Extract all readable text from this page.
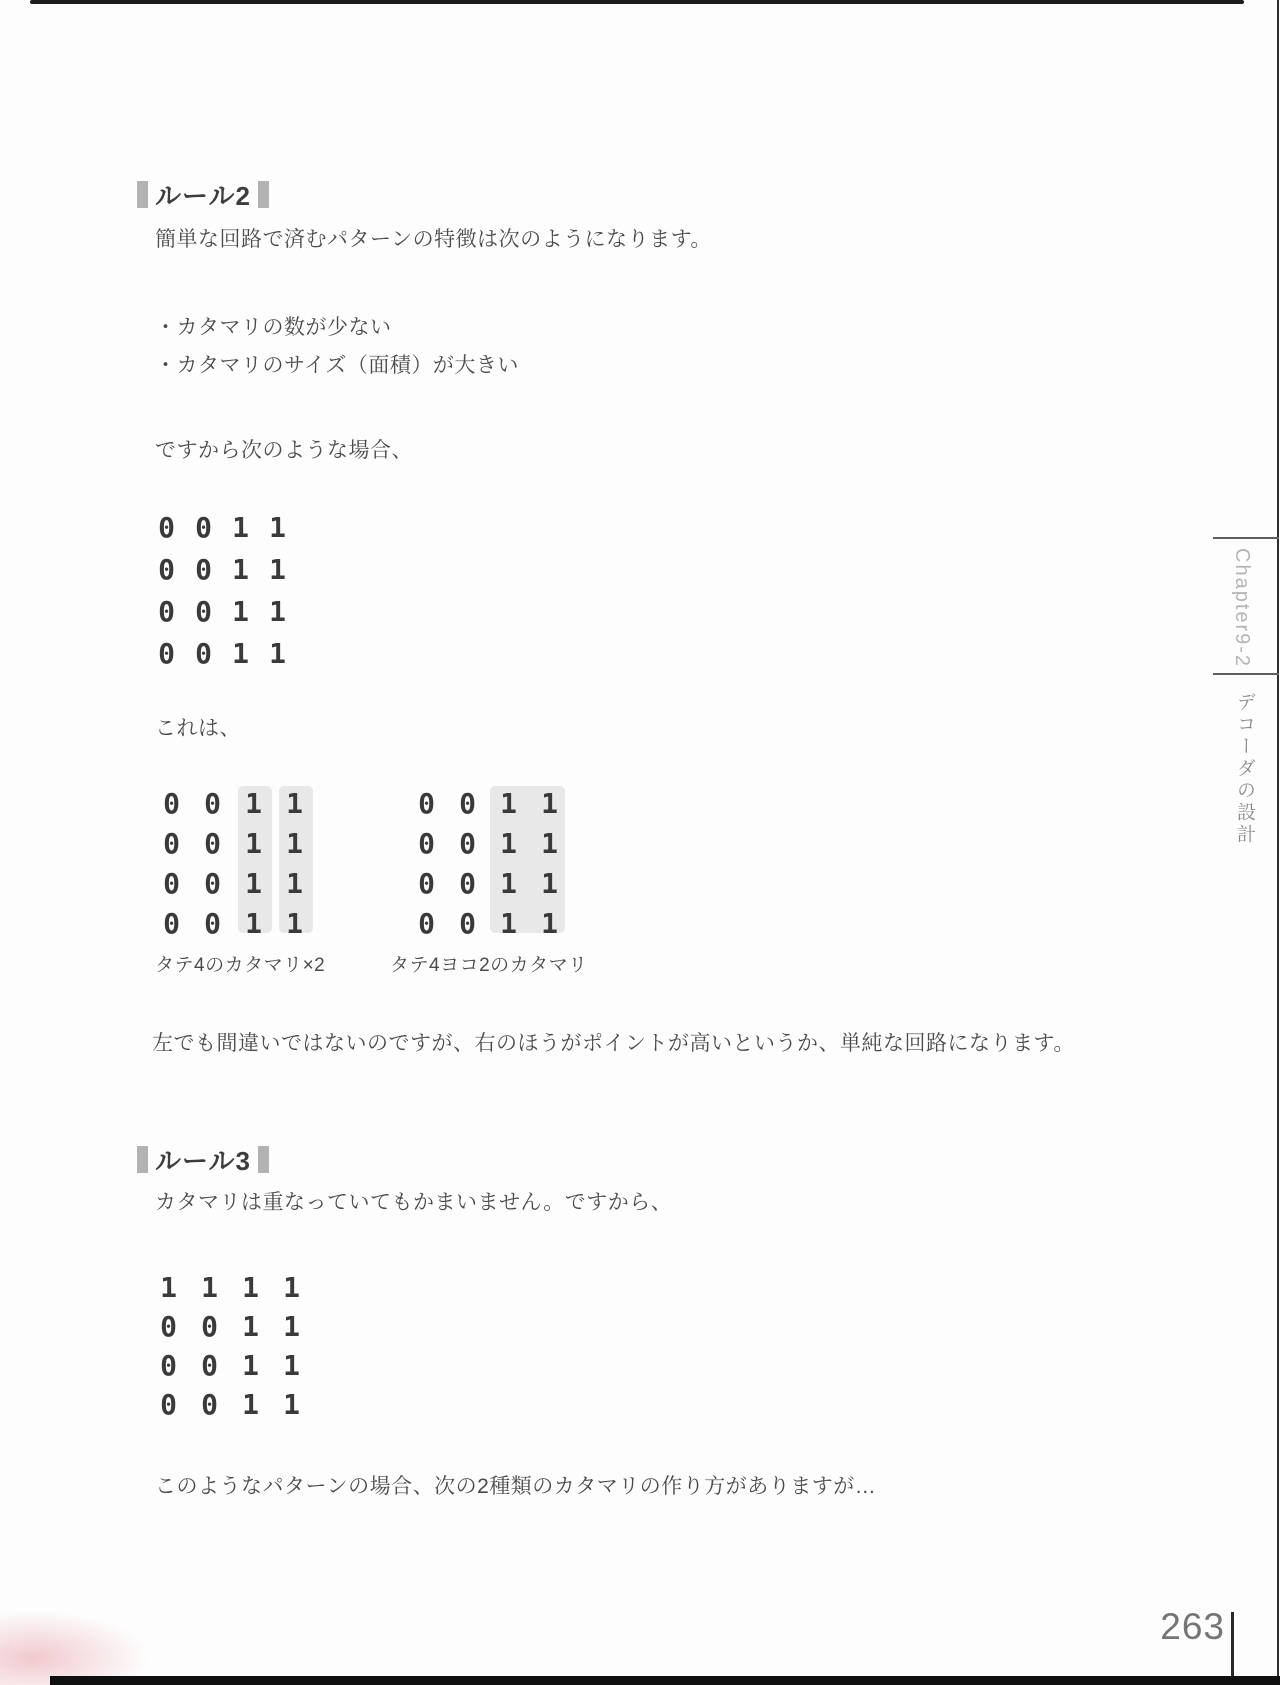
ルール2
簡単な回路で済むパターンの特徴は次のようになります。
・カタマリの数が少ない
・カタマリのサイズ（面積）が大きい
ですから次のような場合、
0 0 1 1
0 0 1 1
0 0 1 1
0 0 1 1
これは、
0 0 1 1
0 0 1 1
0 0 1 1
0 0 1 1
0 0 1 1
0 0 1 1
0 0 1 1
0 0 1 1
タテ4のカタマリ×2	タテ4ヨコ2のカタマリ
左でも間違いではないのですが、右のほうがポイントが高いというか、単純な回路になります。
ルール3
カタマリは重なっていてもかまいません。ですから、
1 1 1 1
0 0 1 1
0 0 1 1
0 0 1 1
このようなパターンの場合、次の2種類のカタマリの作り方がありますが…
Chapter9-2
デコーダの設計
263
